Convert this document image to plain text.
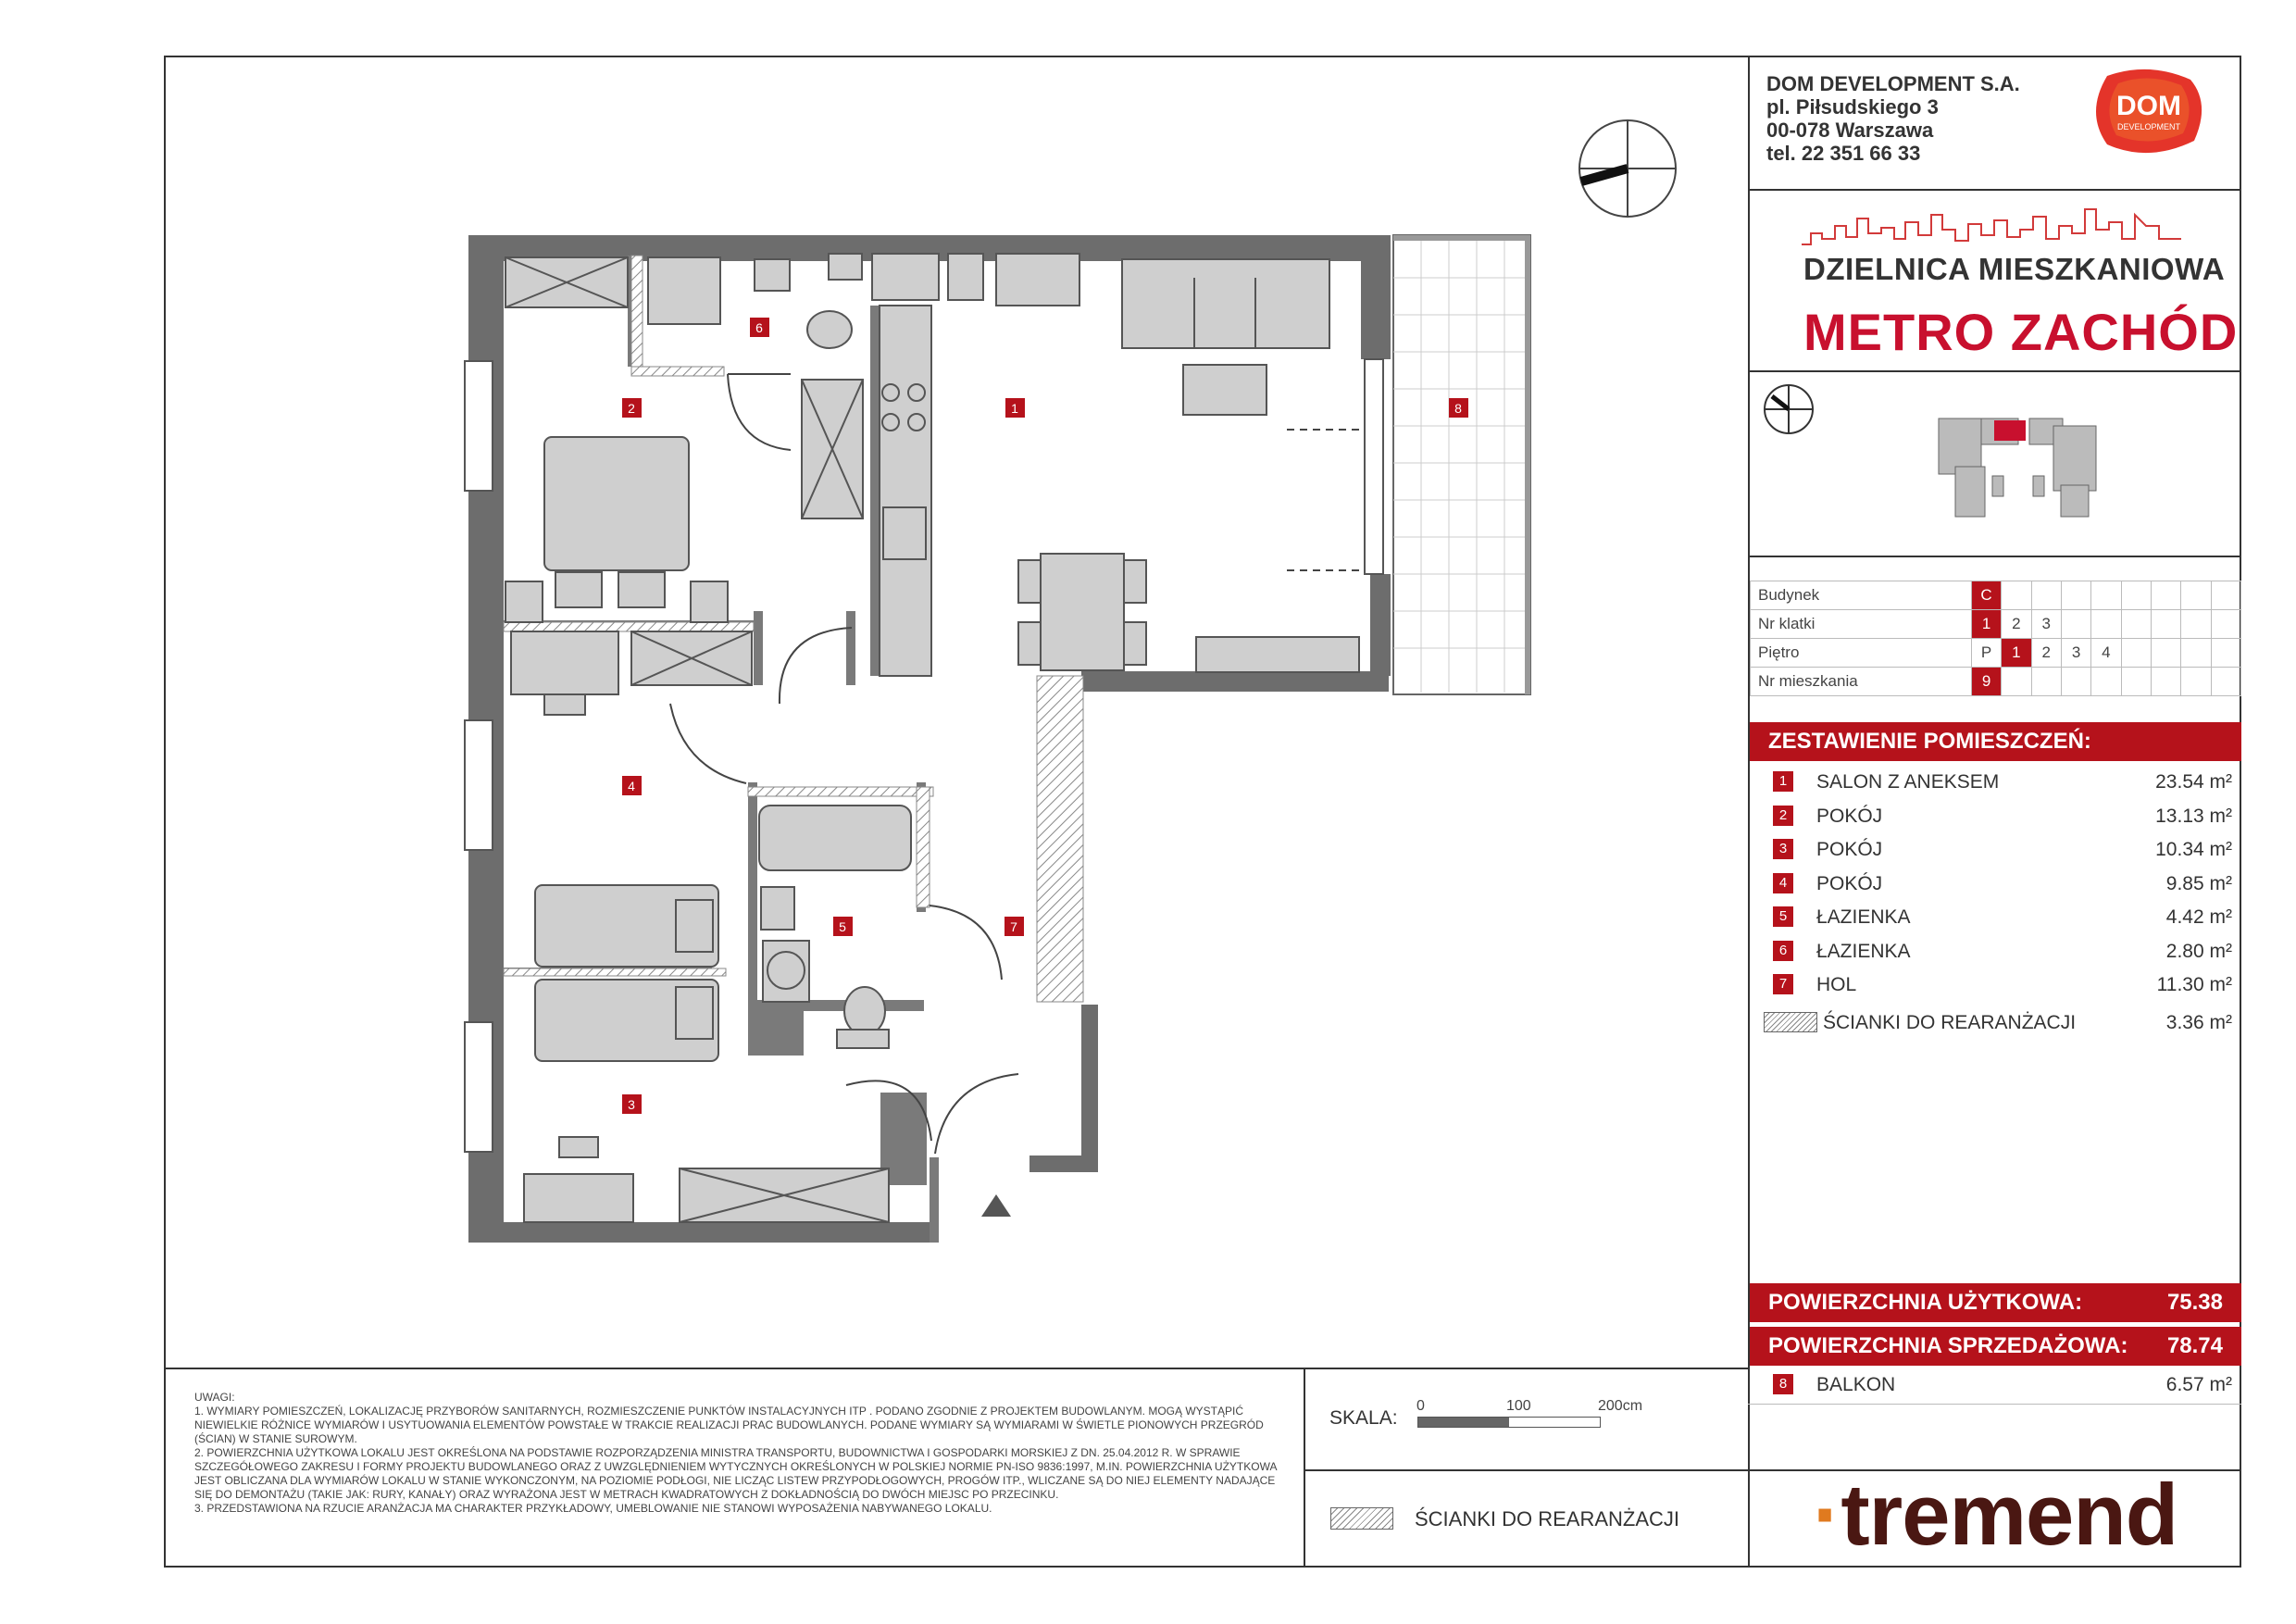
DOM DEVELOPMENT S.A.
pl. Piłsudskiego 3
00-078 Warszawa
tel. 22 351 66 33
DOM
DEVELOPMENT
DZIELNICA MIESZKANIOWA
METRO ZACHÓD
Budynek	C								
Nr klatki	1	2	3						
Piętro	P	1	2	3	4				
Nr mieszkania	9								
ZESTAWIENIE POMIESZCZEŃ:
1	SALON Z ANEKSEM	23.54 m²
2	POKÓJ	13.13 m²
3	POKÓJ	10.34 m²
4	POKÓJ	9.85 m²
5	ŁAZIENKA	4.42 m²
6	ŁAZIENKA	2.80 m²
7	HOL	11.30 m²
ŚCIANKI DO REARANŻACJI	3.36 m²
POWIERZCHNIA UŻYTKOWA:	75.38
POWIERZCHNIA SPRZEDAŻOWA: 78.74
8	BALKON	6.57 m²
UWAGI:
1. WYMIARY POMIESZCZEŃ, LOKALIZACJĘ PRZYBORÓW SANITARNYCH, ROZMIESZCZENIE PUNKTÓW INSTALACYJNYCH ITP . PODANO ZGODNIE Z PROJEKTEM BUDOWLANYM. MOGĄ WYSTĄPIĆ NIEWIELKIE RÓŻNICE WYMIARÓW I USYTUOWANIA ELEMENTÓW POWSTAŁE W TRAKCIE REALIZACJI PRAC BUDOWLANYCH. PODANE WYMIARY SĄ WYMIARAMI W ŚWIETLE PIONOWYCH PRZEGRÓD (ŚCIAN) W STANIE SUROWYM.
2. POWIERZCHNIA UŻYTKOWA LOKALU JEST OKREŚLONA NA PODSTAWIE ROZPORZĄDZENIA MINISTRA TRANSPORTU, BUDOWNICTWA I GOSPODARKI MORSKIEJ Z DN. 25.04.2012 R. W SPRAWIE SZCZEGÓŁOWEGO ZAKRESU I FORMY PROJEKTU BUDOWLANEGO ORAZ Z UWZGLĘDNIENIEM WYTYCZNYCH OKREŚLONYCH W POLSKIEJ NORMIE PN-ISO 9836:1997, M.IN. POWIERZCHNIA UŻYTKOWA JEST OBLICZANA DLA WYMIARÓW LOKALU W STANIE WYKONCZONYM, NA POZIOMIE PODŁOGI, NIE LICZĄC LISTEW PRZYPODŁOGOWYCH, PROGÓW ITP., WLICZANE SĄ DO NIEJ ELEMENTY NADAJĄCE SIĘ DO DEMONTAŻU (TAKIE JAK: RURY, KANAŁY) ORAZ WYRAŻONA JEST W METRACH KWADRATOWYCH Z DOKŁADNOŚCIĄ DO DWÓCH MIEJSC PO PRZECINKU.
3. PRZEDSTAWIONA NA RZUCIE ARANŻACJA MA CHARAKTER PRZYKŁADOWY, UMEBLOWANIE NIE STANOWI WYPOSAŻENIA NABYWANEGO LOKALU.
SKALA:
0	100	200cm
ŚCIANKI DO REARANŻACJI ·tremend
6
2	1	8
4
5	7
3
